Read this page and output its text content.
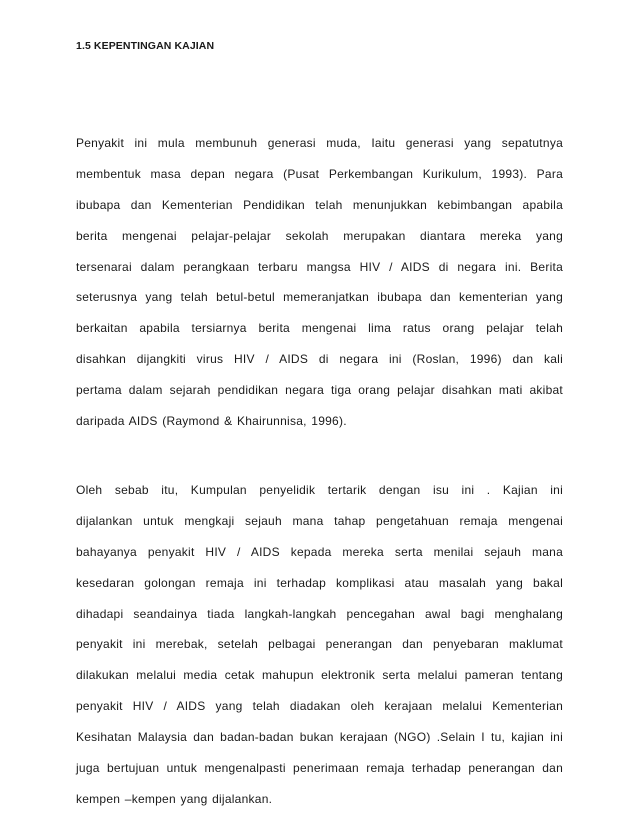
1.5 KEPENTINGAN KAJIAN

Penyakit ini mula membunuh generasi muda, Iaitu generasi yang sepatutnya
membentuk masa depan negara (Pusat Perkembangan Kurikulum, 1993). Para
ibubapa dan Kementerian Pendidikan telah menunjukkan kebimbangan apabila
berita mengenai pelajar-pelajar sekolah merupakan diantara mereka yang
tersenarai dalam perangkaan terbaru mangsa HIV / AIDS di negara ini. Berita
seterusnya yang telah betul-betul memeranjatkan ibubapa dan kementerian yang
berkaitan apabila tersiarnya berita mengenai lima ratus orang pelajar telah
disahkan dijangkiti virus HIV / AIDS di negara ini (Roslan, 1996) dan kali
pertama dalam sejarah pendidikan negara tiga orang pelajar disahkan mati akibat
daripada AIDS (Raymond & Khairunnisa, 1996).

Oleh sebab itu, Kumpulan penyelidik tertarik dengan isu ini . Kajian ini
dijalankan untuk mengkaji sejauh mana tahap pengetahuan remaja mengenai
bahayanya penyakit HIV / AIDS kepada mereka serta menilai sejauh mana
kesedaran golongan remaja ini terhadap komplikasi atau masalah yang bakal
dihadapi seandainya tiada langkah-langkah pencegahan awal bagi menghalang
penyakit ini merebak, setelah pelbagai penerangan dan penyebaran maklumat
dilakukan melalui media cetak mahupun elektronik serta melalui pameran tentang
penyakit HIV / AIDS yang telah diadakan oleh kerajaan melalui Kementerian
Kesihatan Malaysia dan badan-badan bukan kerajaan (NGO) .Selain I tu, kajian ini
juga bertujuan untuk mengenalpasti penerimaan remaja terhadap penerangan dan
kempen –kempen yang dijalankan.
